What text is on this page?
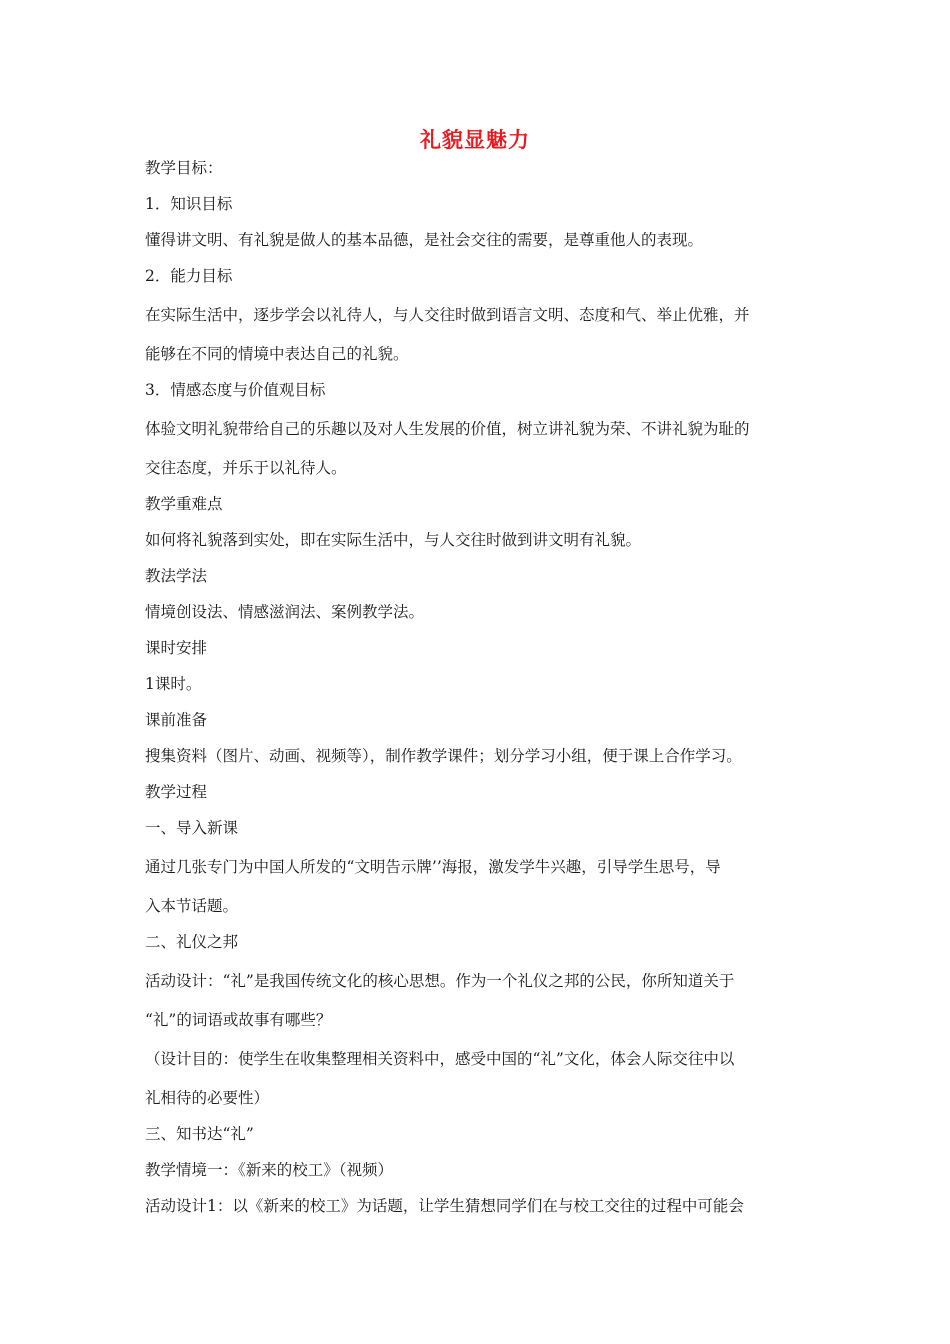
礼貌显魅力
教学目标：
1．知识目标
懂得讲文明、有礼貌是做人的基本品德，是社会交往的需要，是尊重他人的表现。
2．能力目标
在实际生活中，逐步学会以礼待人，与人交往时做到语言文明、态度和气、举止优雅，并
能够在不同的情境中表达自己的礼貌。
3．情感态度与价值观目标
体验文明礼貌带给自己的乐趣以及对人生发展的价值，树立讲礼貌为荣、不讲礼貌为耻的
交往态度，并乐于以礼待人。
教学重难点
如何将礼貌落到实处，即在实际生活中，与人交往时做到讲文明有礼貌。
教法学法
情境创设法、情感滋润法、案例教学法。
课时安排
1课时。
课前准备
搜集资料（图片、动画、视频等），制作教学课件；划分学习小组，便于课上合作学习。
教学过程
一、导入新课
通过几张专门为中国人所发的“文明告示牌’’海报，激发学牛兴趣，引导学生思号，导
入本节话题。
二、礼仪之邦
活动设计：“礼”是我国传统文化的核心思想。作为一个礼仪之邦的公民，你所知道关于
“礼”的词语或故事有哪些？
（设计目的：使学生在收集整理相关资料中，感受中国的“礼”文化，体会人际交往中以
礼相待的必要性）
三、知书达“礼”
教学情境一：《新来的校工》（视频）
活动设计1：以《新来的校工》为话题，让学生猜想同学们在与校工交往的过程中可能会
